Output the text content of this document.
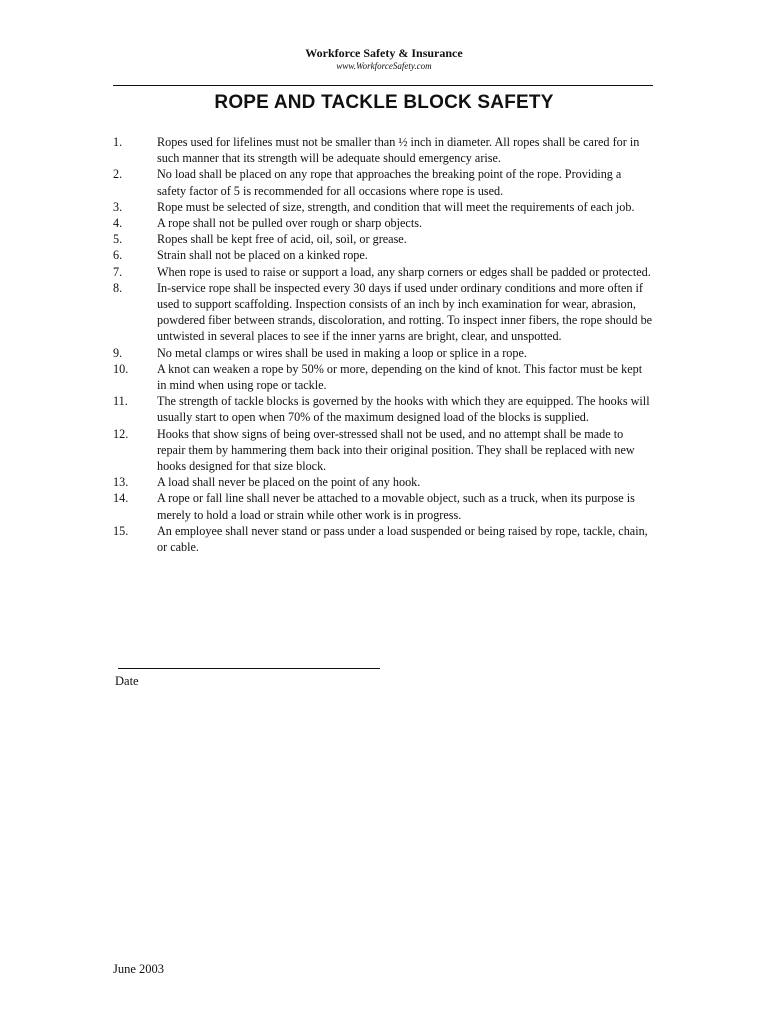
Workforce Safety & Insurance
www.WorkforceSafety.com
ROPE AND TACKLE BLOCK SAFETY
1.	Ropes used for lifelines must not be smaller than ½ inch in diameter. All ropes shall be cared for in such manner that its strength will be adequate should emergency arise.
2.	No load shall be placed on any rope that approaches the breaking point of the rope. Providing a safety factor of 5 is recommended for all occasions where rope is used.
3.	Rope must be selected of size, strength, and condition that will meet the requirements of each job.
4.	A rope shall not be pulled over rough or sharp objects.
5.	Ropes shall be kept free of acid, oil, soil, or grease.
6.	Strain shall not be placed on a kinked rope.
7.	When rope is used to raise or support a load, any sharp corners or edges shall be padded or protected.
8.	In-service rope shall be inspected every 30 days if used under ordinary conditions and more often if used to support scaffolding. Inspection consists of an inch by inch examination for wear, abrasion, powdered fiber between strands, discoloration, and rotting. To inspect inner fibers, the rope should be untwisted in several places to see if the inner yarns are bright, clear, and unspotted.
9.	No metal clamps or wires shall be used in making a loop or splice in a rope.
10.	A knot can weaken a rope by 50% or more, depending on the kind of knot. This factor must be kept in mind when using rope or tackle.
11.	The strength of tackle blocks is governed by the hooks with which they are equipped. The hooks will usually start to open when 70% of the maximum designed load of the blocks is supplied.
12.	Hooks that show signs of being over-stressed shall not be used, and no attempt shall be made to repair them by hammering them back into their original position. They shall be replaced with new hooks designed for that size block.
13.	A load shall never be placed on the point of any hook.
14.	A rope or fall line shall never be attached to a movable object, such as a truck, when its purpose is merely to hold a load or strain while other work is in progress.
15.	An employee shall never stand or pass under a load suspended or being raised by rope, tackle, chain, or cable.
Date
June 2003
